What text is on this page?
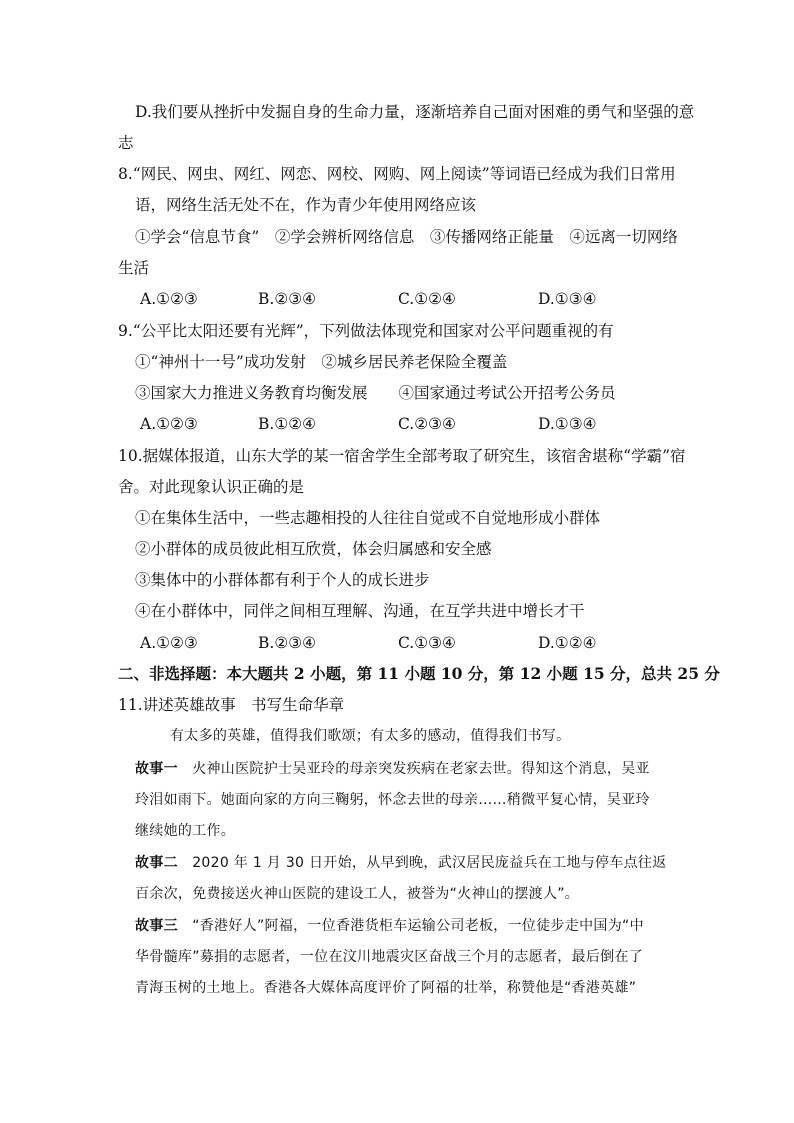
D.我们要从挫折中发掘自身的生命力量，逐渐培养自己面对困难的勇气和坚强的意
志
8.“网民、网虫、网红、网恋、网校、网购、网上阅读”等词语已经成为我们日常用
语，网络生活无处不在，作为青少年使用网络应该
①学会“信息节食”　②学会辨析网络信息　③传播网络正能量　④远离一切网络
生活
A.①②③	B.②③④	C.①②④	D.①③④
9.“公平比太阳还要有光辉”，下列做法体现党和国家对公平问题重视的有
①“神州十一号”成功发射　②城乡居民养老保险全覆盖
③国家大力推进义务教育均衡发展　　④国家通过考试公开招考公务员
A.①②③	B.①②④	C.②③④	D.①③④
10.据媒体报道，山东大学的某一宿舍学生全部考取了研究生，该宿舍堪称“学霸”宿
舍。对此现象认识正确的是
①在集体生活中，一些志趣相投的人往往自觉或不自觉地形成小群体
②小群体的成员彼此相互欣赏，体会归属感和安全感
③集体中的小群体都有利于个人的成长进步
④在小群体中，同伴之间相互理解、沟通，在互学共进中增长才干
A.①②③	B.②③④	C.①③④	D.①②④
二、非选择题：本大题共 2 小题，第 11 小题 10 分，第 12 小题 15 分，总共 25 分
11.讲述英雄故事　书写生命华章
有太多的英雄，值得我们歌颂；有太多的感动，值得我们书写。
故事一　火神山医院护士吴亚玲的母亲突发疾病在老家去世。得知这个消息，吴亚
玲泪如雨下。她面向家的方向三鞠躬，怀念去世的母亲……稍微平复心情，吴亚玲
继续她的工作。
故事二　2020 年 1 月 30 日开始，从早到晚，武汉居民庞益兵在工地与停车点往返
百余次，免费接送火神山医院的建设工人，被誉为“火神山的摆渡人”。
故事三　“香港好人”阿福，一位香港货柜车运输公司老板，一位徒步走中国为“中
华骨髓库”募捐的志愿者，一位在汶川地震灾区奋战三个月的志愿者，最后倒在了
青海玉树的土地上。香港各大媒体高度评价了阿福的壮举，称赞他是“香港英雄”
